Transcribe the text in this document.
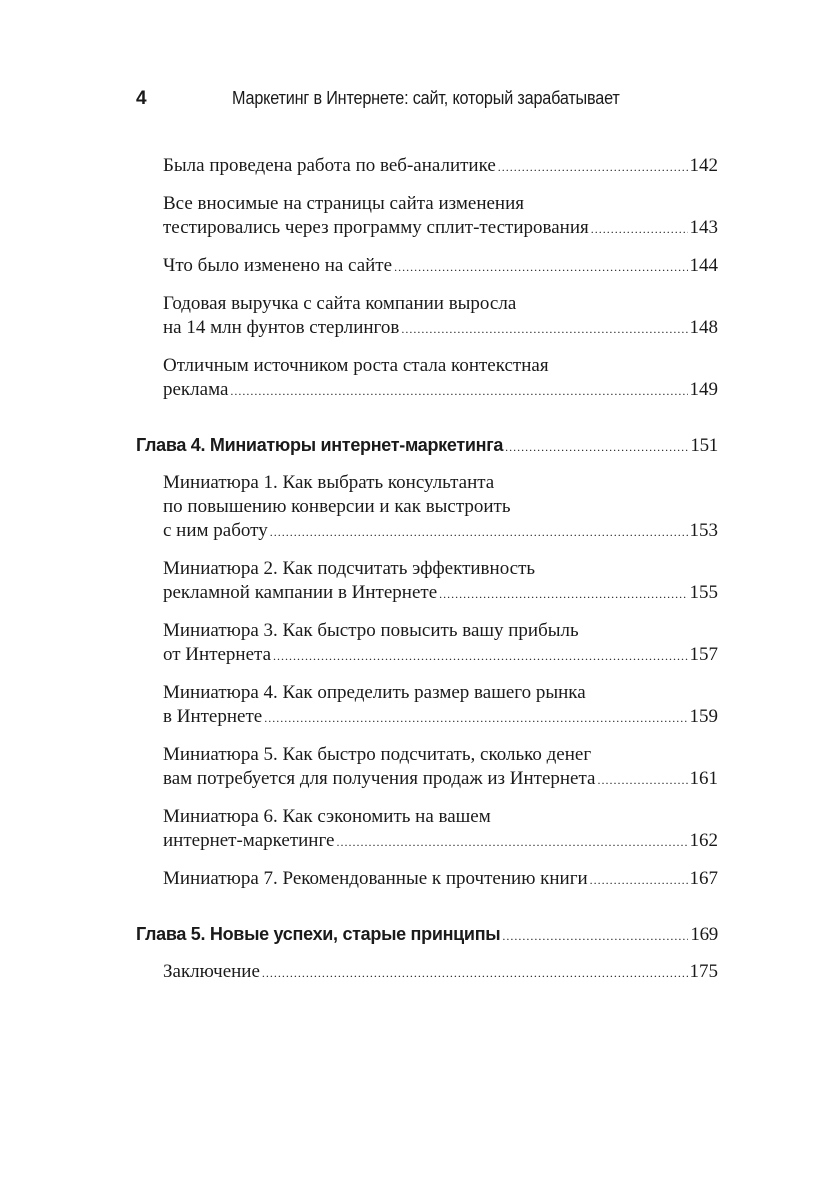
4	Маркетинг в Интернете: сайт, который зарабатывает
Была проведена работа по веб-аналитике .....	142
Все вносимые на страницы сайта изменения
тестировались через программу сплит-тестирования .....	143
Что было изменено на сайте .....	144
Годовая выручка с сайта компании выросла
на 14 млн фунтов стерлингов .....	148
Отличным источником роста стала контекстная
реклама .....	149
Глава 4. Миниатюры интернет-маркетинга .....	151
Миниатюра 1. Как выбрать консультанта
по повышению конверсии и как выстроить
с ним работу .....	153
Миниатюра 2. Как подсчитать эффективность
рекламной кампании в Интернете .....	155
Миниатюра 3. Как быстро повысить вашу прибыль
от Интернета .....	157
Миниатюра 4. Как определить размер вашего рынка
в Интернете .....	159
Миниатюра 5. Как быстро подсчитать, сколько денег
вам потребуется для получения продаж из Интернета .....	161
Миниатюра 6. Как сэкономить на вашем
интернет-маркетинге .....	162
Миниатюра 7. Рекомендованные к прочтению книги .....	167
Глава 5. Новые успехи, старые принципы .....	169
Заключение .....	175
